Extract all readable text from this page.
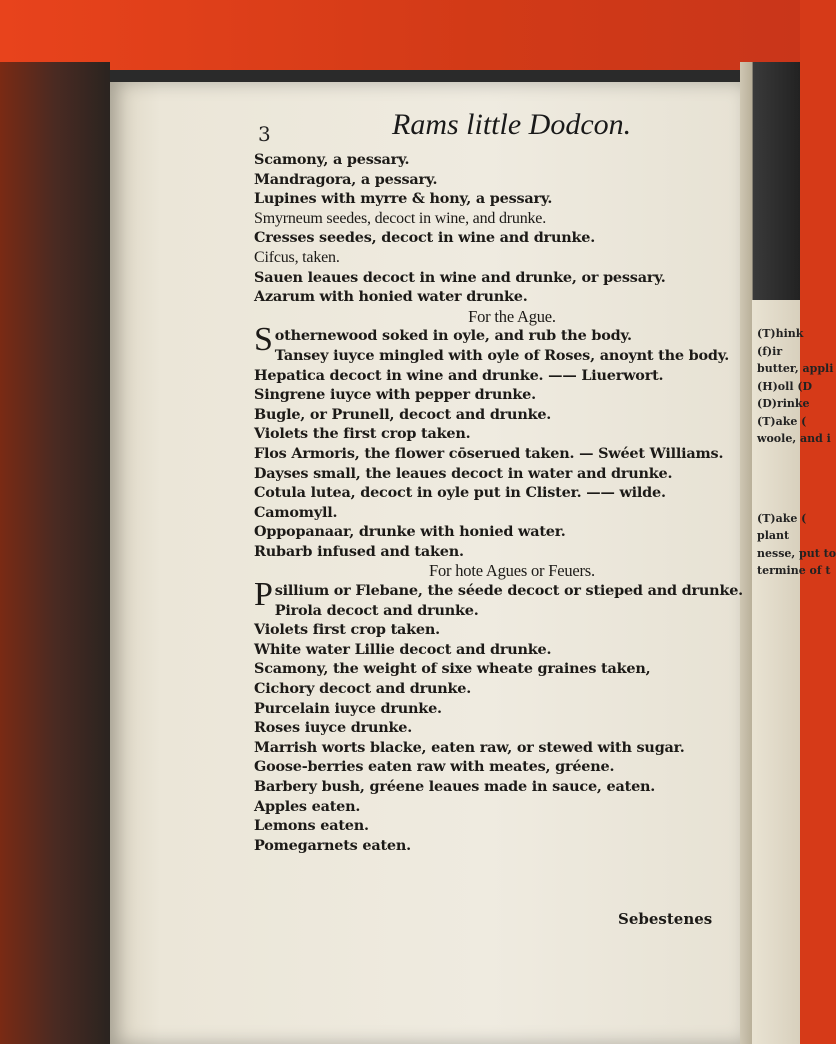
3	Rams little Dodcon.
Scamony, a pessary.
Mandragora, a pessary.
Lupines with myrre & hony, a pessary.
Smyrneum seedes, decoct in wine, and drunke.
Cresses seedes, decoct in wine and drunke.
Cifcus, taken.
Sauen leaues decoct in wine and drunke, or pessary.
Azarum with honied water drunke.
For the Ague.
Sothernewood soked in oyle, and rub the body.
Tansey iuyce mingled with oyle of Roses, anoynt the body.
Hepatica decoct in wine and drunke. —— Liuerwort.
Singrene iuyce with pepper drunke.
Bugle, or Prunell, decoct and drunke.
Violets the first crop taken.
Flos Armoris, the flower cōserued taken. — Swéet Williams.
Dayses small, the leaues decoct in water and drunke.
Cotula lutea, decoct in oyle put in Clister. —— wilde.
Camomyll.
Oppopanaar, drunke with honied water.
Rubarb infused and taken.
For hote Agues or Feuers.
Psillium or Flebane, the séede decoct or stieped and drunke.
Pirola decoct and drunke.
Violets first crop taken.
White water Lillie decoct and drunke.
Scamony, the weight of sixe wheate graines taken,
Cichory decoct and drunke.
Purcelain iuyce drunke.
Roses iuyce drunke.
Marrish worts blacke, eaten raw, or stewed with sugar.
Goose-berries eaten raw with meates, gréene.
Barbery bush, gréene leaues made in sauce, eaten.
Apples eaten.
Lemons eaten.
Pomegarnets eaten.
Sebestenes
(T)hink
(f)ir
butter, appli
(H)oll (D
(D)rinke
(T)ake (
woole, and i
(T)ake (
plant
nesse, put to
termine of t
